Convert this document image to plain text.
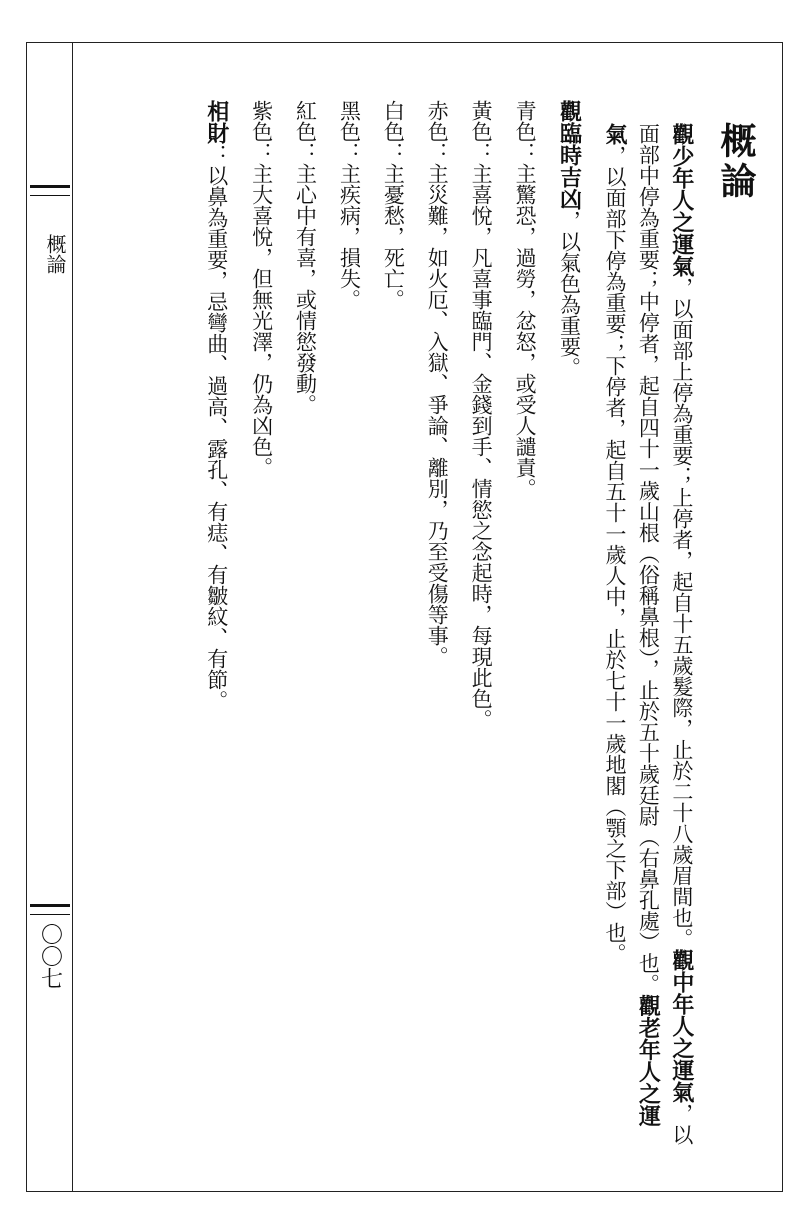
概論
〇〇七

概論

觀少年人之運氣，以面部上停為重要；上停者，起自十五歲髮際，止於二十八歲眉間也。觀中年人之運氣，以面部中停為重要；中停者，起自四十一歲山根（俗稱鼻根），止於五十歲廷尉（右鼻孔處）也。觀老年人之運氣，以面部下停為重要；下停者，起自五十一歲人中，止於七十一歲地閣（顎之下部）也。

觀臨時吉凶，以氣色為重要。

青色：主驚恐，過勞，忿怒，或受人譴責。

黃色：主喜悅，凡喜事臨門、金錢到手、情慾之念起時，每現此色。

赤色：主災難，如火厄、入獄、爭論、離別，乃至受傷等事。

白色：主憂愁，死亡。

黑色：主疾病，損失。

紅色：主心中有喜，或情慾發動。

紫色：主大喜悅，但無光澤，仍為凶色。

相財：以鼻為重要，忌彎曲、過高、露孔、有痣、有皺紋、有節。
